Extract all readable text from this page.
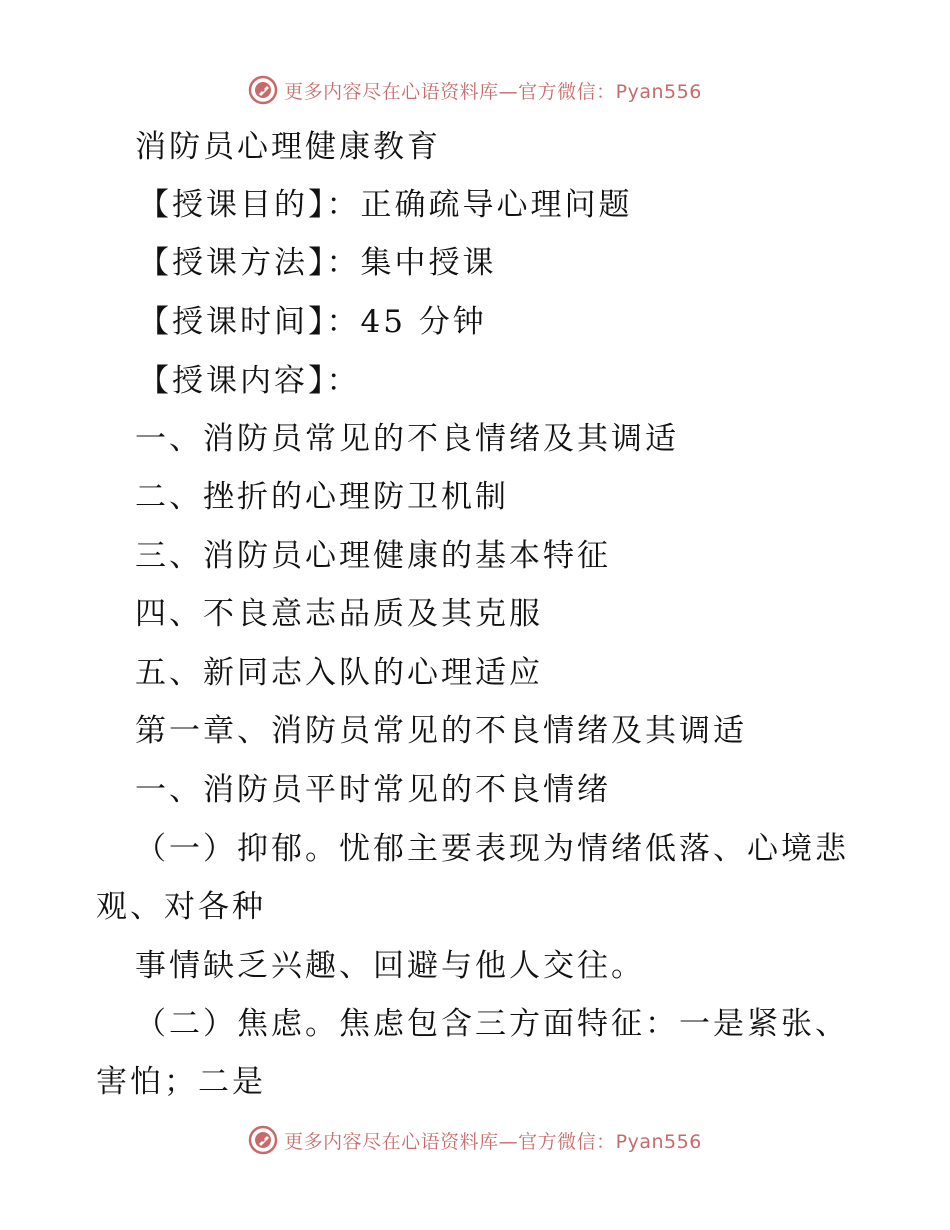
更多内容尽在心语资料库—官方微信：Pyan556
消防员心理健康教育
【授课目的】：正确疏导心理问题
【授课方法】：集中授课
【授课时间】：45 分钟
【授课内容】：
一、消防员常见的不良情绪及其调适
二、挫折的心理防卫机制
三、消防员心理健康的基本特征
四、不良意志品质及其克服
五、新同志入队的心理适应
第一章、消防员常见的不良情绪及其调适
一、消防员平时常见的不良情绪
（一）抑郁。忧郁主要表现为情绪低落、心境悲
观、对各种
事情缺乏兴趣、回避与他人交往。
（二）焦虑。焦虑包含三方面特征：一是紧张、
害怕；二是
更多内容尽在心语资料库—官方微信：Pyan556
